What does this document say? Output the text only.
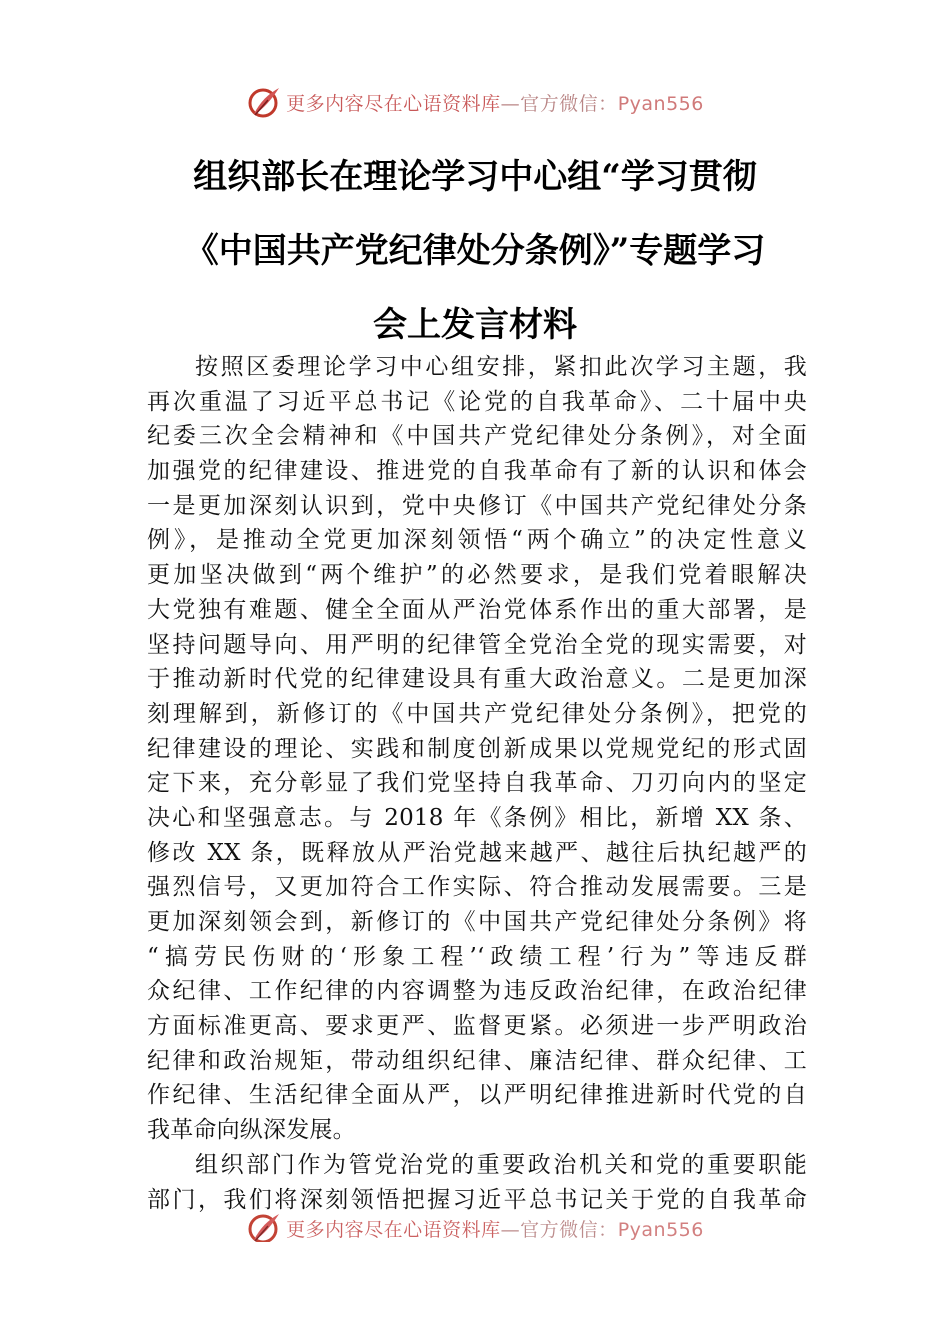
更多内容尽在心语资料库—官方微信：Pyan556
组织部长在理论学习中心组“学习贯彻
《中国共产党纪律处分条例》”专题学习
会上发言材料
按照区委理论学习中心组安排，紧扣此次学习主题，我
再次重温了习近平总书记《论党的自我革命》、二十届中央
纪委三次全会精神和《中国共产党纪律处分条例》，对全面
加强党的纪律建设、推进党的自我革命有了新的认识和体会
一是更加深刻认识到，党中央修订《中国共产党纪律处分条
例》，是推动全党更加深刻领悟“两个确立”的决定性意义
更加坚决做到“两个维护”的必然要求，是我们党着眼解决
大党独有难题、健全全面从严治党体系作出的重大部署，是
坚持问题导向、用严明的纪律管全党治全党的现实需要，对
于推动新时代党的纪律建设具有重大政治意义。二是更加深
刻理解到，新修订的《中国共产党纪律处分条例》，把党的
纪律建设的理论、实践和制度创新成果以党规党纪的形式固
定下来，充分彰显了我们党坚持自我革命、刀刃向内的坚定
决心和坚强意志。与 2018 年《条例》相比，新增 XX 条、
修改 XX 条，既释放从严治党越来越严、越往后执纪越严的
强烈信号，又更加符合工作实际、符合推动发展需要。三是
更加深刻领会到，新修订的《中国共产党纪律处分条例》将
“搞劳民伤财的‘形象工程’‘政绩工程’行为”等违反群
众纪律、工作纪律的内容调整为违反政治纪律，在政治纪律
方面标准更高、要求更严、监督更紧。必须进一步严明政治
纪律和政治规矩，带动组织纪律、廉洁纪律、群众纪律、工
作纪律、生活纪律全面从严，以严明纪律推进新时代党的自
我革命向纵深发展。
组织部门作为管党治党的重要政治机关和党的重要职能
部门，我们将深刻领悟把握习近平总书记关于党的自我革命
更多内容尽在心语资料库—官方微信：Pyan556
